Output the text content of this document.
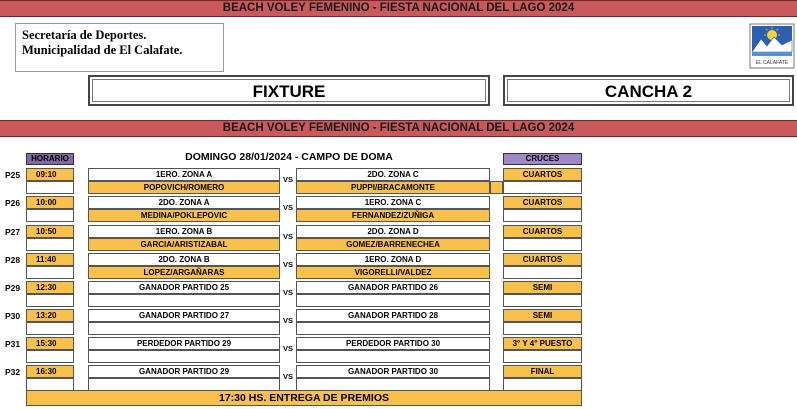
BEACH VOLEY FEMENINO - FIESTA NACIONAL DEL LAGO 2024
Secretaría de Deportes.
Municipalidad de El Calafate.
EL CALAFATE
FIXTURE	CANCHA 2
BEACH VOLEY FEMENINO - FIESTA NACIONAL DEL LAGO 2024
HORARIO	DOMINGO 28/01/2024 - CAMPO DE DOMA	CRUCES
P25	09:10	1ERO. ZONA A
POPOVICH/ROMERO
VS
2DO. ZONA C
PUPPI/BRACAMONTE
CUARTOS
P26	10:00	2DO. ZONA A
MEDINA/POKLEPOVIC
VS
1ERO. ZONA C
FERNANDEZ/ZUÑIGA
CUARTOS
P27	10:50	1ERO. ZONA B
GARCIA/ARISTIZABAL
VS
2DO. ZONA D
GOMEZ/BARRENECHEA
CUARTOS
P28	11:40	2DO. ZONA B
LOPEZ/ARGAÑARAS
VS
1ERO. ZONA D
VIGORELLI/VALDEZ
CUARTOS
P29	12:30	GANADOR PARTIDO 25
VS
GANADOR PARTIDO 26	SEMI
P30	13:20	GANADOR PARTIDO 27
VS
GANADOR PARTIDO 28	SEMI
P31	15:30	PERDEDOR PARTIDO 29
VS
PERDEDOR PARTIDO 30	3° Y 4° PUESTO
P32	16:30	GANADOR PARTIDO 29
VS
GANADOR PARTIDO 30	FINAL
17:30 HS. ENTREGA DE PREMIOS
